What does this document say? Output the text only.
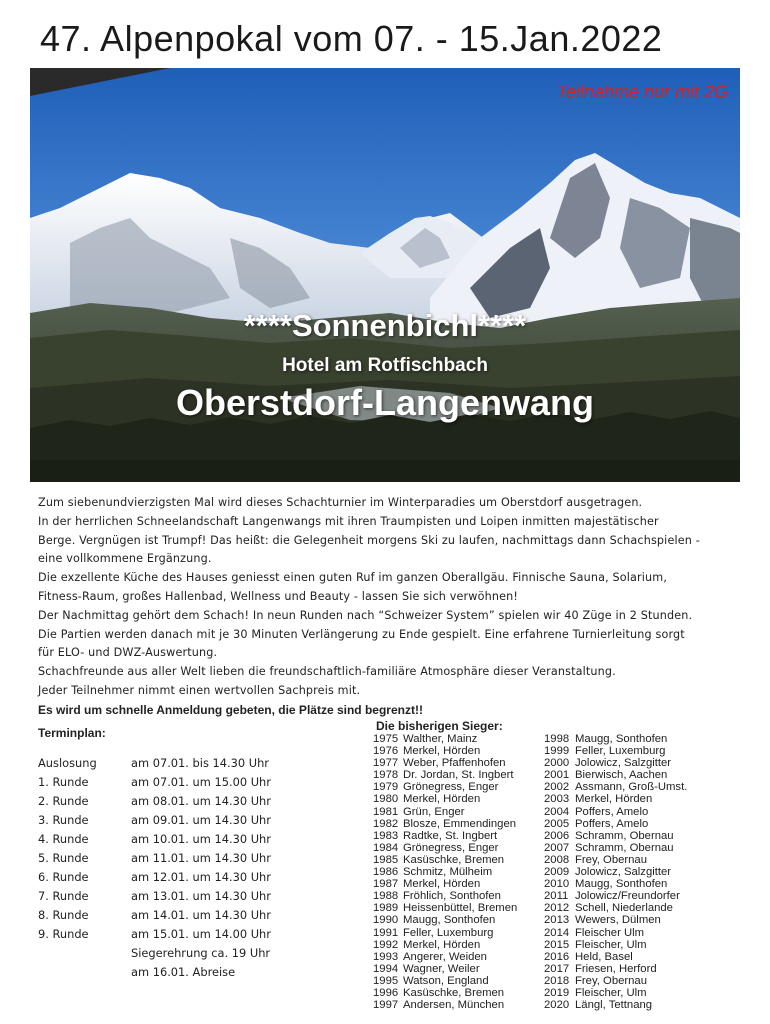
47. Alpenpokal vom 07. - 15.Jan.2022
Teilnahme nur mit 2G
****Sonnenbichl****
Hotel am Rotfischbach
Oberstdorf-Langenwang

Zum siebenundvierzigsten Mal wird dieses Schachturnier im Winterparadies um Oberstdorf ausgetragen.

In der herrlichen Schneelandschaft Langenwangs mit ihren Traumpisten und Loipen inmitten majestätischer

Berge. Vergnügen ist Trumpf! Das heißt: die Gelegenheit morgens Ski zu laufen, nachmittags dann Schachspielen -

eine vollkommene Ergänzung.

Die exzellente Küche des Hauses geniesst einen guten Ruf im ganzen Oberallgäu. Finnische Sauna, Solarium,

Fitness-Raum, großes Hallenbad, Wellness und Beauty - lassen Sie sich verwöhnen!

Der Nachmittag gehört dem Schach! In neun Runden nach “Schweizer System” spielen wir 40 Züge in 2 Stunden.

Die Partien werden danach mit je 30 Minuten Verlängerung zu Ende gespielt. Eine erfahrene Turnierleitung sorgt

für ELO- und DWZ-Auswertung.

Schachfreunde aus aller Welt lieben die freundschaftlich-familiäre Atmosphäre dieser Veranstaltung.

Jeder Teilnehmer nimmt einen wertvollen Sachpreis mit.

Es wird um schnelle Anmeldung gebeten, die Plätze sind begrenzt!!

Terminplan:
Auslosung	am 07.01. bis 14.30 Uhr
1. Runde	am 07.01. um 15.00 Uhr
2. Runde	am 08.01. um 14.30 Uhr
3. Runde	am 09.01. um 14.30 Uhr
4. Runde	am 10.01. um 14.30 Uhr
5. Runde	am 11.01. um 14.30 Uhr
6. Runde	am 12.01. um 14.30 Uhr
7. Runde	am 13.01. um 14.30 Uhr
8. Runde	am 14.01. um 14.30 Uhr
9. Runde	am 15.01. um 14.00 Uhr
Siegerehrung ca. 19 Uhr
am 16.01. Abreise
Die bisherigen Sieger:
1975 Walther, Mainz
1976 Merkel, Hörden
1977 Weber, Pfaffenhofen
1978 Dr. Jordan, St. Ingbert
1979 Grönegress, Enger
1980 Merkel, Hörden
1981 Grün, Enger
1982 Blosze, Emmendingen
1983 Radtke, St. Ingbert
1984 Grönegress, Enger
1985 Kasüschke, Bremen
1986 Schmitz, Mülheim
1987 Merkel, Hörden
1988 Fröhlich, Sonthofen
1989 Heissenbüttel, Bremen
1990 Maugg, Sonthofen
1991 Feller, Luxemburg
1992 Merkel, Hörden
1993 Angerer, Weiden
1994 Wagner, Weiler
1995 Watson, England
1996 Kasüschke, Bremen
1997 Andersen, München
1998 Maugg, Sonthofen
1999 Feller, Luxemburg
2000 Jolowicz, Salzgitter
2001 Bierwisch, Aachen
2002 Assmann, Groß-Umst.
2003 Merkel, Hörden
2004 Poffers, Amelo
2005 Poffers, Amelo
2006 Schramm, Obernau
2007 Schramm, Obernau
2008 Frey, Obernau
2009 Jolowicz, Salzgitter
2010 Maugg, Sonthofen
2011 Jolowicz/Freundorfer
2012 Schell, Niederlande
2013 Wewers, Dülmen
2014 Fleischer Ulm
2015 Fleischer, Ulm
2016 Held, Basel
2017 Friesen, Herford
2018 Frey, Obernau
2019 Fleischer, Ulm
2020 Längl, Tettnang
